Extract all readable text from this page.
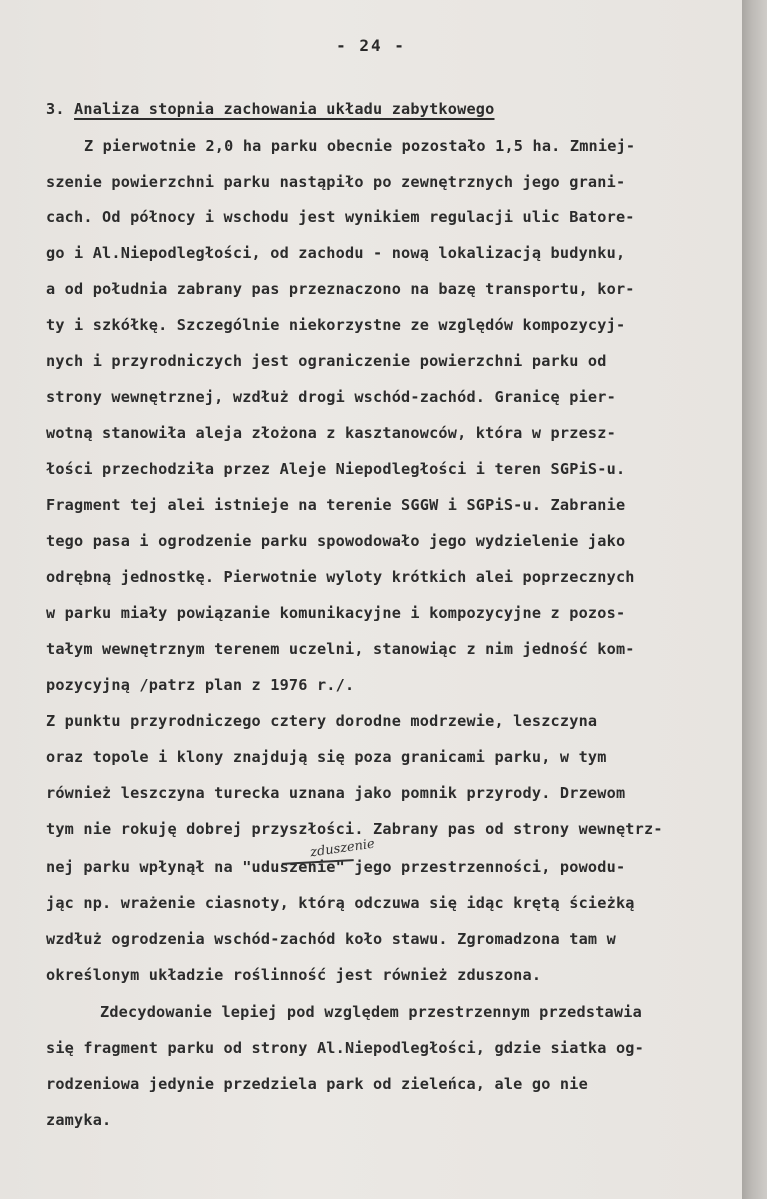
- 24 -
3. Analiza stopnia zachowania układu zabytkowego
Z pierwotnie 2,0 ha parku obecnie pozostało 1,5 ha. Zmniej-
szenie powierzchni parku nastąpiło po zewnętrznych jego grani-
cach. Od północy i wschodu jest wynikiem regulacji ulic Batore-
go i Al.Niepodległości, od zachodu - nową lokalizacją budynku,
a od południa zabrany pas przeznaczono na bazę transportu, kor-
ty i szkółkę. Szczególnie niekorzystne ze względów kompozycyj-
nych i przyrodniczych jest ograniczenie powierzchni parku od
strony wewnętrznej, wzdłuż drogi wschód-zachód. Granicę pier-
wotną stanowiła aleja złożona z kasztanowców, która w przesz-
łości przechodziła przez Aleje Niepodległości i teren SGPiS-u.
Fragment tej alei istnieje na terenie SGGW i SGPiS-u. Zabranie
tego pasa i ogrodzenie parku spowodowało jego wydzielenie jako
odrębną jednostkę. Pierwotnie wyloty krótkich alei poprzecznych
w parku miały powiązanie komunikacyjne i kompozycyjne z pozos-
tałym wewnętrznym terenem uczelni, stanowiąc z nim jedność kom-
pozycyjną /patrz plan z 1976 r./.
Z punktu przyrodniczego cztery dorodne modrzewie, leszczyna
oraz topole i klony znajdują się poza granicami parku, w tym
również leszczyna turecka uznana jako pomnik przyrody. Drzewom
tym nie rokuję dobrej przyszłości. Zabrany pas od strony wewnętrz-
nej parku wpłynął na "uduszenie" jego przestrzenności, powodu-
jąc np. wrażenie ciasnoty, którą odczuwa się idąc krętą ścieżką
wzdłuż ogrodzenia wschód-zachód koło stawu. Zgromadzona tam w
określonym układzie roślinność jest również zduszona.
Zdecydowanie lepiej pod względem przestrzennym przedstawia
się fragment parku od strony Al.Niepodległości, gdzie siatka og-
rodzeniowa jedynie przedziela park od zieleńca, ale go nie
zamyka.
zduszenie
